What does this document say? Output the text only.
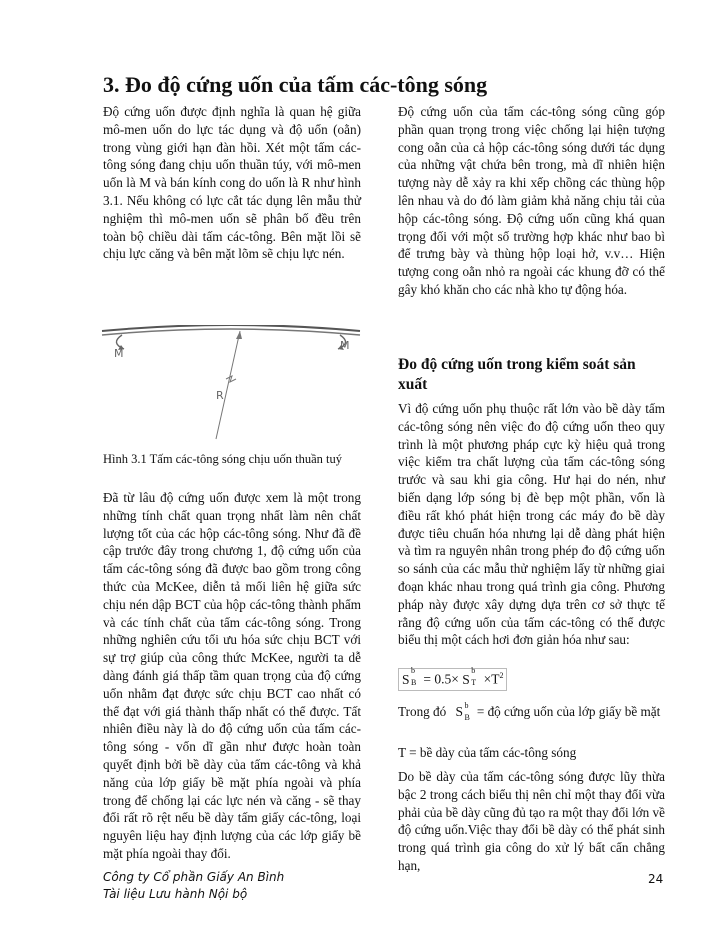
3. Đo độ cứng uốn của tấm các-tông sóng

Độ cứng uốn được định nghĩa là quan hệ giữa mô-men uốn do lực tác dụng và độ uốn (oằn) trong vùng giới hạn đàn hồi. Xét một tấm các-tông sóng đang chịu uốn thuần túy, với mô-men uốn là M và bán kính cong do uốn là R như hình 3.1. Nếu không có lực cắt tác dụng lên mẫu thử nghiệm thì mô-men uốn sẽ phân bố đều trên toàn bộ chiều dài tấm các-tông. Bên mặt lồi sẽ chịu lực căng và bên mặt lõm sẽ chịu lực nén.

M
M
R
Hình 3.1 Tấm các-tông sóng chịu uốn thuần tuý

Đã từ lâu độ cứng uốn được xem là một trong những tính chất quan trọng nhất làm nên chất lượng tốt của các hộp các-tông sóng. Như đã đề cập trước đây trong chương 1, độ cứng uốn của tấm các-tông sóng đã được bao gồm trong công thức của McKee, diễn tả mối liên hệ giữa sức chịu nén dập BCT của hộp các-tông thành phẩm và các tính chất của tấm các-tông sóng. Trong những nghiên cứu tối ưu hóa sức chịu BCT với sự trợ giúp của công thức McKee, người ta dễ dàng đánh giá thấp tầm quan trọng của độ cứng uốn nhằm đạt được sức chịu BCT cao nhất có thể đạt với giá thành thấp nhất có thể được. Tất nhiên điều này là do độ cứng uốn của tấm các-tông sóng - vốn dĩ gần như được hoàn toàn quyết định bởi bề dày của tấm các-tông và khả năng của lớp giấy bề mặt phía ngoài và phía trong để chống lại các lực nén và căng - sẽ thay đổi rất rõ rệt nếu bề dày tấm giấy các-tông, loại nguyên liệu hay định lượng của các lớp giấy bề mặt phía ngoài thay đổi.

Độ cứng uốn của tấm các-tông sóng cũng góp phần quan trọng trong việc chống lại hiện tượng cong oằn của cả hộp các-tông sóng dưới tác dụng của những vật chứa bên trong, mà dĩ nhiên hiện tượng này dễ xảy ra khi xếp chồng các thùng hộp lên nhau và do đó làm giảm khả năng chịu tải của hộp các-tông sóng. Độ cứng uốn cũng khá quan trọng đối với một số trường hợp khác như bao bì để trưng bày và thùng hộp loại hở, v.v… Hiện tượng cong oằn nhỏ ra ngoài các khung đỡ có thể gây khó khăn cho các nhà kho tự động hóa.

Đo độ cứng uốn trong kiểm soát sản xuất

Vì độ cứng uốn phụ thuộc rất lớn vào bề dày tấm các-tông sóng nên việc đo độ cứng uốn theo quy trình là một phương pháp cực kỳ hiệu quả trong việc kiểm tra chất lượng của tấm các-tông sóng trước và sau khi gia công. Hư hại do nén, như biến dạng lớp sóng bị đè bẹp một phần, vốn là điều rất khó phát hiện trong các máy đo bề dày được tiêu chuẩn hóa nhưng lại dễ dàng phát hiện và tìm ra nguyên nhân trong phép đo độ cứng uốn so sánh của các mẫu thử nghiệm lấy từ những giai đoạn khác nhau trong quá trình gia công. Phương pháp này được xây dựng dựa trên cơ sở thực tế rằng độ cứng uốn của tấm các-tông có thể được biểu thị một cách hơi đơn giản hóa như sau:

S
b
B = 0.5× S
b
$T \times T^2$
Trong đó S b
B = độ cứng uốn của lớp giấy bề mặt
T = bề dày của tấm các-tông sóng

Do bề dày của tấm các-tông sóng được lũy thừa bậc 2 trong cách biểu thị nên chỉ một thay đổi vừa phải của bề dày cũng đủ tạo ra một thay đổi lớn về độ cứng uốn.Việc thay đổi bề dày có thể phát sinh trong quá trình gia công do xử lý bất cẩn chẳng hạn,

Công ty Cổ phần Giấy An Bình
Tài liệu Lưu hành Nội bộ
24
